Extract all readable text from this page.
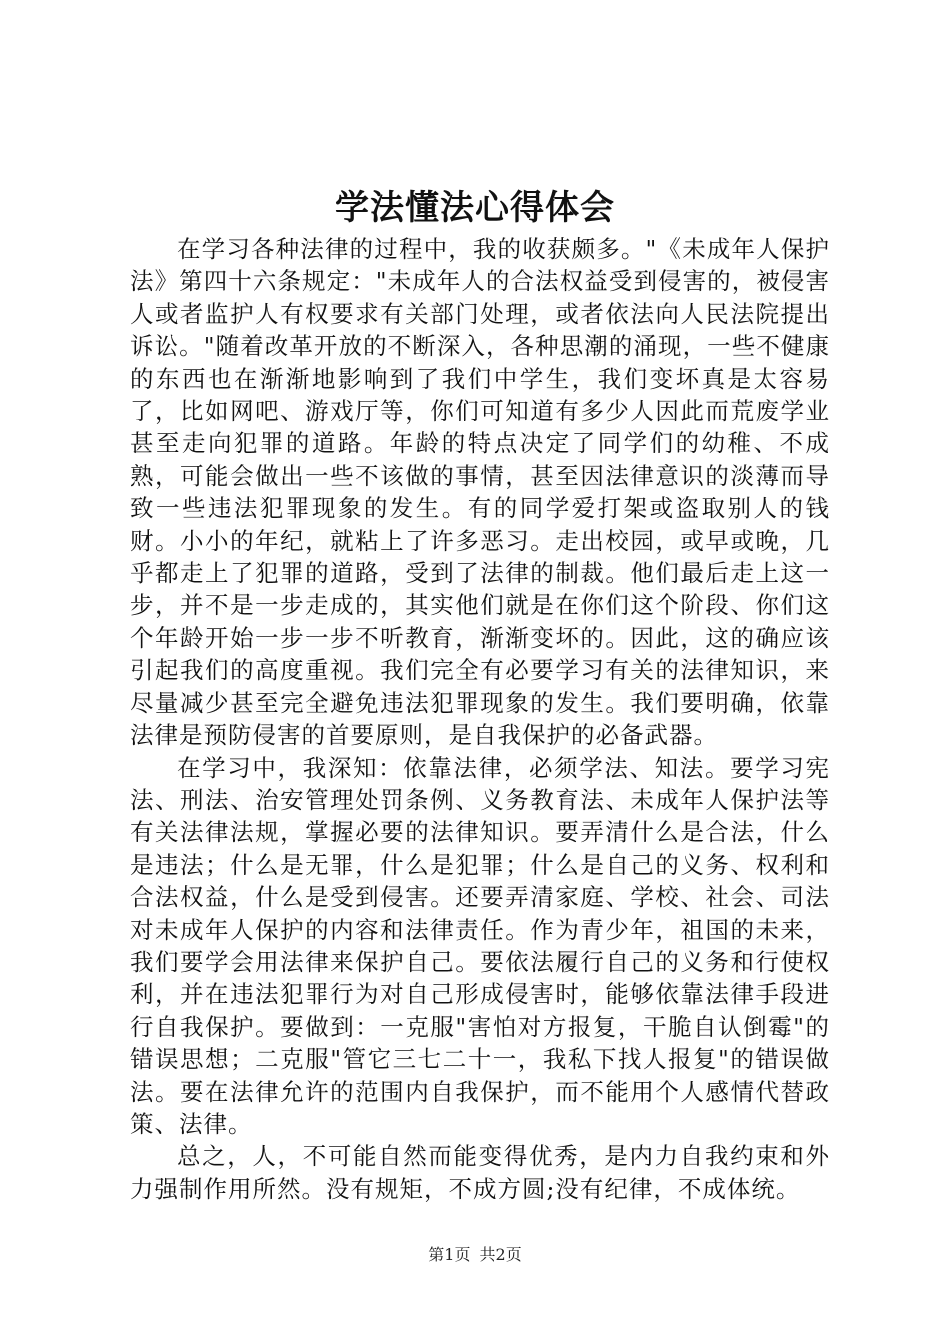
学法懂法心得体会

在学习各种法律的过程中，我的收获颇多。"《未成年人保护法》第四十六条规定："未成年人的合法权益受到侵害的，被侵害人或者监护人有权要求有关部门处理，或者依法向人民法院提出诉讼。"随着改革开放的不断深入，各种思潮的涌现，一些不健康的东西也在渐渐地影响到了我们中学生，我们变坏真是太容易了，比如网吧、游戏厅等，你们可知道有多少人因此而荒废学业甚至走向犯罪的道路。年龄的特点决定了同学们的幼稚、不成熟，可能会做出一些不该做的事情，甚至因法律意识的淡薄而导致一些违法犯罪现象的发生。有的同学爱打架或盗取别人的钱财。小小的年纪，就粘上了许多恶习。走出校园，或早或晚，几乎都走上了犯罪的道路，受到了法律的制裁。他们最后走上这一步，并不是一步走成的，其实他们就是在你们这个阶段、你们这个年龄开始一步一步不听教育，渐渐变坏的。因此，这的确应该引起我们的高度重视。我们完全有必要学习有关的法律知识，来尽量减少甚至完全避免违法犯罪现象的发生。我们要明确，依靠法律是预防侵害的首要原则，是自我保护的必备武器。

在学习中，我深知：依靠法律，必须学法、知法。要学习宪法、刑法、治安管理处罚条例、义务教育法、未成年人保护法等有关法律法规，掌握必要的法律知识。要弄清什么是合法，什么是违法；什么是无罪，什么是犯罪；什么是自己的义务、权利和合法权益，什么是受到侵害。还要弄清家庭、学校、社会、司法对未成年人保护的内容和法律责任。作为青少年，祖国的未来，我们要学会用法律来保护自己。要依法履行自己的义务和行使权利，并在违法犯罪行为对自己形成侵害时，能够依靠法律手段进行自我保护。要做到：一克服"害怕对方报复，干脆自认倒霉"的错误思想；二克服"管它三七二十一，我私下找人报复"的错误做法。要在法律允许的范围内自我保护，而不能用个人感情代替政策、法律。

总之，人，不可能自然而能变得优秀，是内力自我约束和外力强制作用所然。没有规矩，不成方圆;没有纪律，不成体统。

第1页 共2页
